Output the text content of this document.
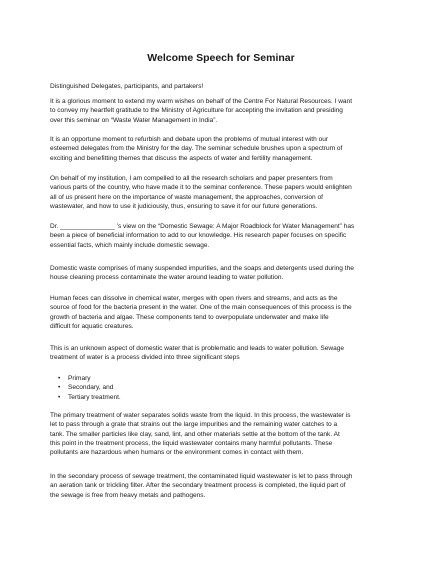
Welcome Speech for Seminar

Distinguished Delegates, participants, and partakers!

It is a glorious moment to extend my warm wishes on behalf of the Centre For Natural Resources. I want
to convey my heartfelt gratitude to the Ministry of Agriculture for accepting the invitation and presiding
over this seminar on “Waste Water Management in India”.

It is an opportune moment to refurbish and debate upon the problems of mutual interest with our
esteemed delegates from the Ministry for the day. The seminar schedule brushes upon a spectrum of
exciting and benefitting themes that discuss the aspects of water and fertility management.

On behalf of my institution, I am compelled to all the research scholars and paper presenters from
various parts of the country, who have made it to the seminar conference. These papers would enlighten
all of us present here on the importance of waste management, the approaches, conversion of
wastewater, and how to use it judiciously, thus, ensuring to save it for our future generations.

Dr. _______________ ’s view on the “Domestic Sewage: A Major Roadblock for Water Management” has
been a piece of beneficial information to add to our knowledge. His research paper focuses on specific
essential facts, which mainly include domestic sewage.

Domestic waste comprises of many suspended impurities, and the soaps and detergents used during the
house cleaning process contaminate the water around leading to water pollution.

Human feces can dissolve in chemical water, merges with open rivers and streams, and acts as the
source of food for the bacteria present in the water. One of the main consequences of this process is the
growth of bacteria and algae. These components tend to overpopulate underwater and make life
difficult for aquatic creatures.

This is an unknown aspect of domestic water that is problematic and leads to water pollution. Sewage
treatment of water is a process divided into three significant steps

• Primary
• Secondary, and
• Tertiary treatment.

The primary treatment of water separates solids waste from the liquid. In this process, the wastewater is
let to pass through a grate that strains out the large impurities and the remaining water catches to a
tank. The smaller particles like clay, sand, lint, and other materials settle at the bottom of the tank. At
this point in the treatment process, the liquid wastewater contains many harmful pollutants. These
pollutants are hazardous when humans or the environment comes in contact with them.

In the secondary process of sewage treatment, the contaminated liquid wastewater is let to pass through
an aeration tank or trickling filter. After the secondary treatment process is completed, the liquid part of
the sewage is free from heavy metals and pathogens.
